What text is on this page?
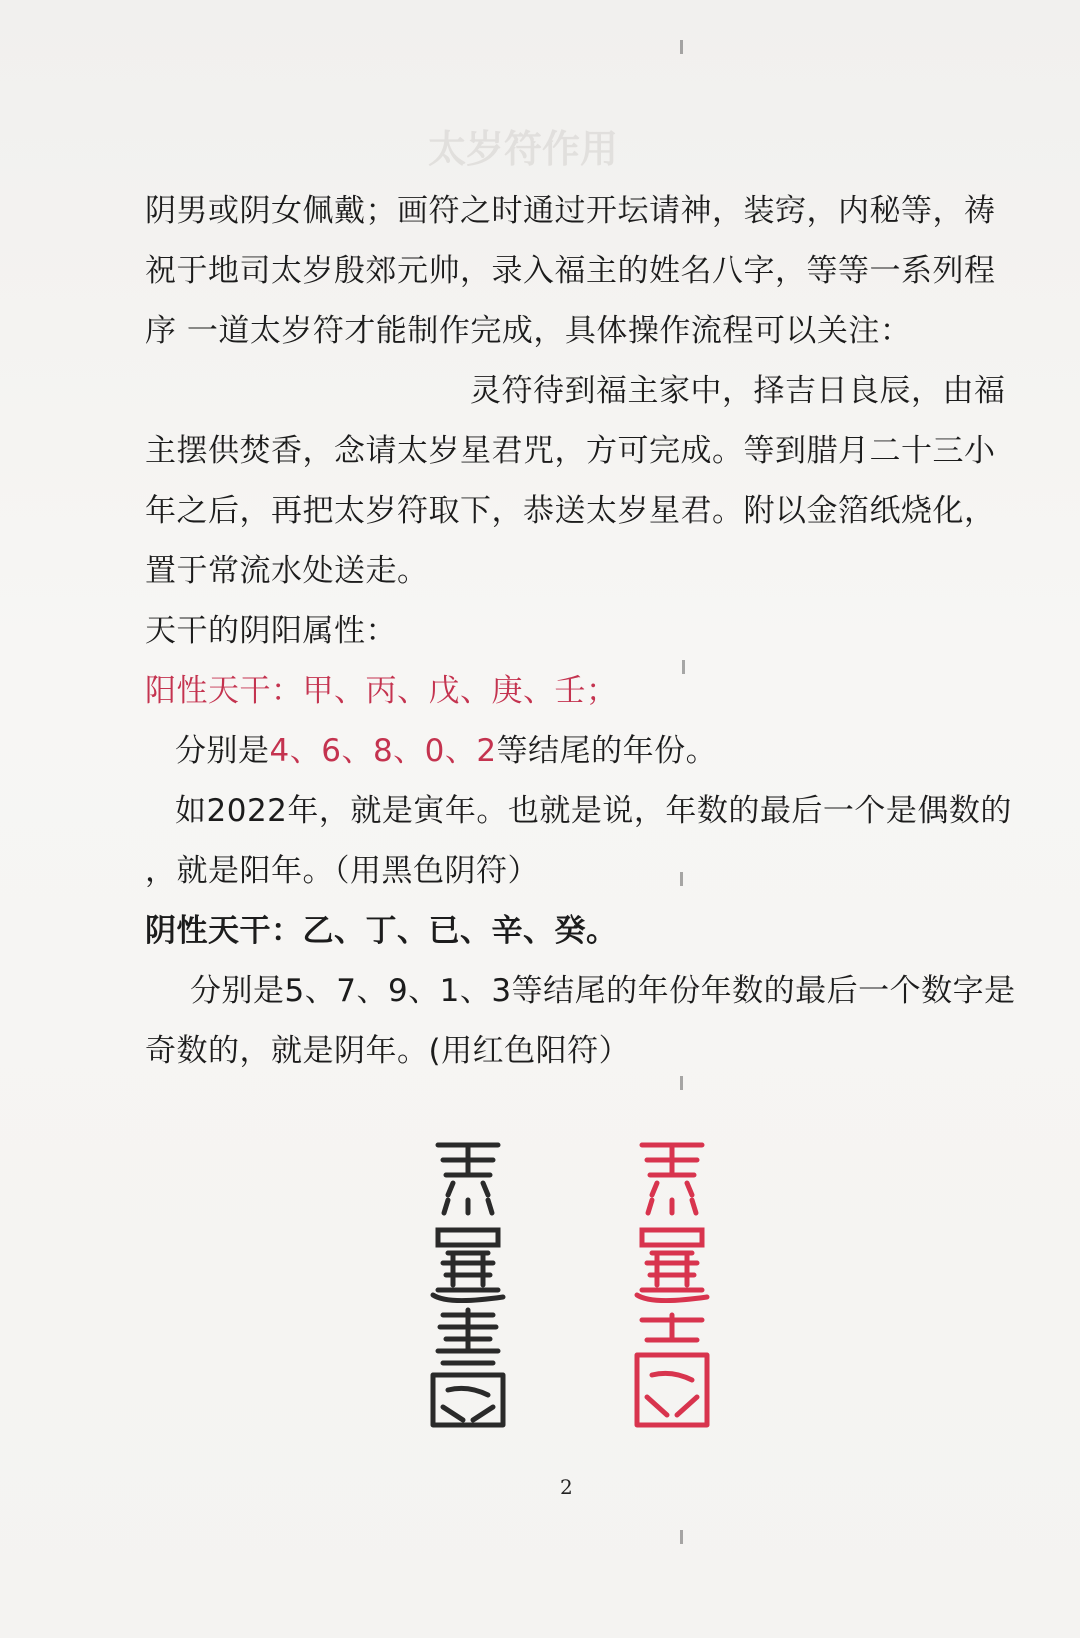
太岁符作用
阴男或阴女佩戴；画符之时通过开坛请神，装窍，内秘等，祷
祝于地司太岁殷郊元帅，录入福主的姓名八字，等等一系列程
序 一道太岁符才能制作完成，具体操作流程可以关注：
灵符待到福主家中，择吉日良辰，由福
主摆供焚香，念请太岁星君咒，方可完成。等到腊月二十三小
年之后，再把太岁符取下，恭送太岁星君。附以金箔纸烧化，
置于常流水处送走。
天干的阴阳属性：
阳性天干：甲、丙、戊、庚、壬；
分别是4、6、8、0、2等结尾的年份。
如2022年，就是寅年。也就是说，年数的最后一个是偶数的
，就是阳年。（用黑色阴符）
阴性天干：乙、丁、已、辛、癸。
分别是5、7、9、1、3等结尾的年份年数的最后一个数字是
奇数的，就是阴年。(用红色阳符）
2
